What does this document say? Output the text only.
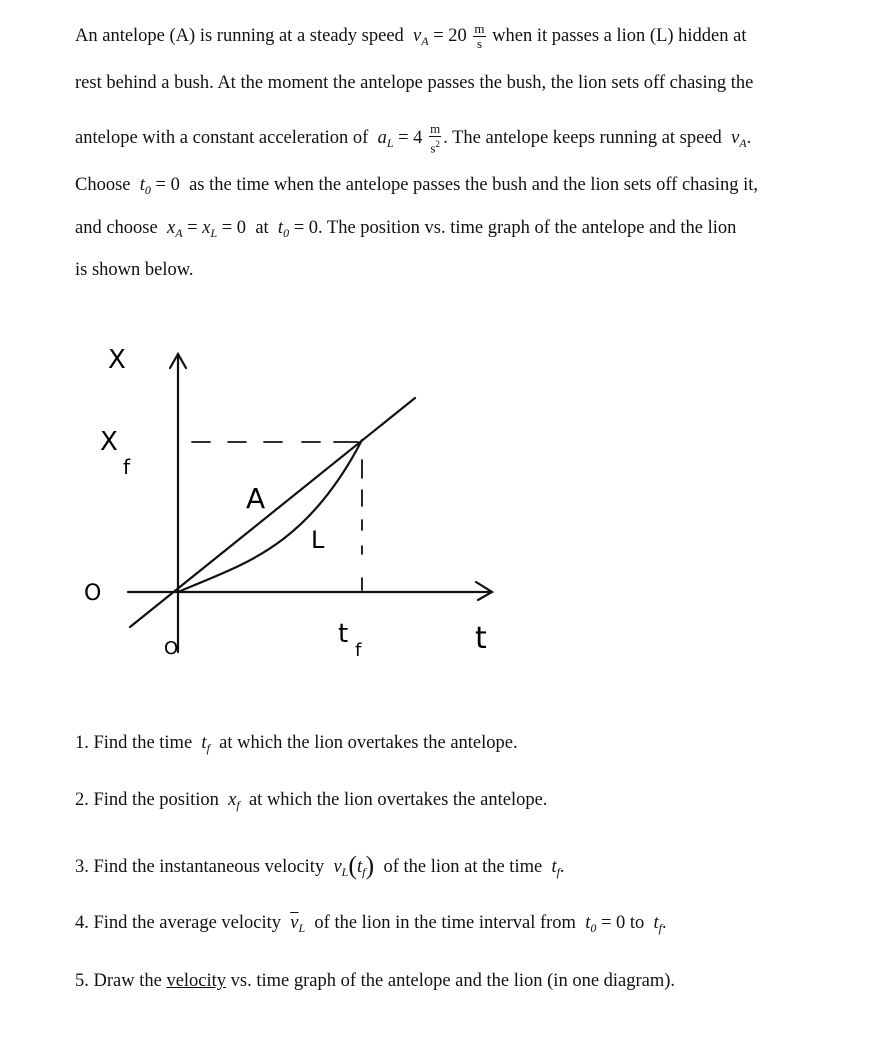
An antelope (A) is running at a steady speed $v_A = 20 \frac{m}{s}$ when it passes a lion (L) hidden at
rest behind a bush. At the moment the antelope passes the bush, the lion sets off chasing the
antelope with a constant acceleration of $a_L = 4 \frac{m}{s^2}$ . The antelope keeps running at speed $v_A$.
Choose $t_0 = 0$ as the time when the antelope passes the bush and the lion sets off chasing it,
and choose $x_A = x_L = 0$ at $t_0 = 0$. The position vs. time graph of the antelope and the lion
is shown below.
X
X
f
O
O
A
L
t
f	t
1. Find the time $t_f$ at which the lion overtakes the antelope.
2. Find the position $x_f$ at which the lion overtakes the antelope.
3. Find the instantaneous velocity $v_L(t_f)$ of the lion at the time $t_f$.
4. Find the average velocity $\overline{v}_L$ of the lion in the time interval from $t_0 = 0$ to $t_f$.
5. Draw the velocity vs. time graph of the antelope and the lion (in one diagram).
